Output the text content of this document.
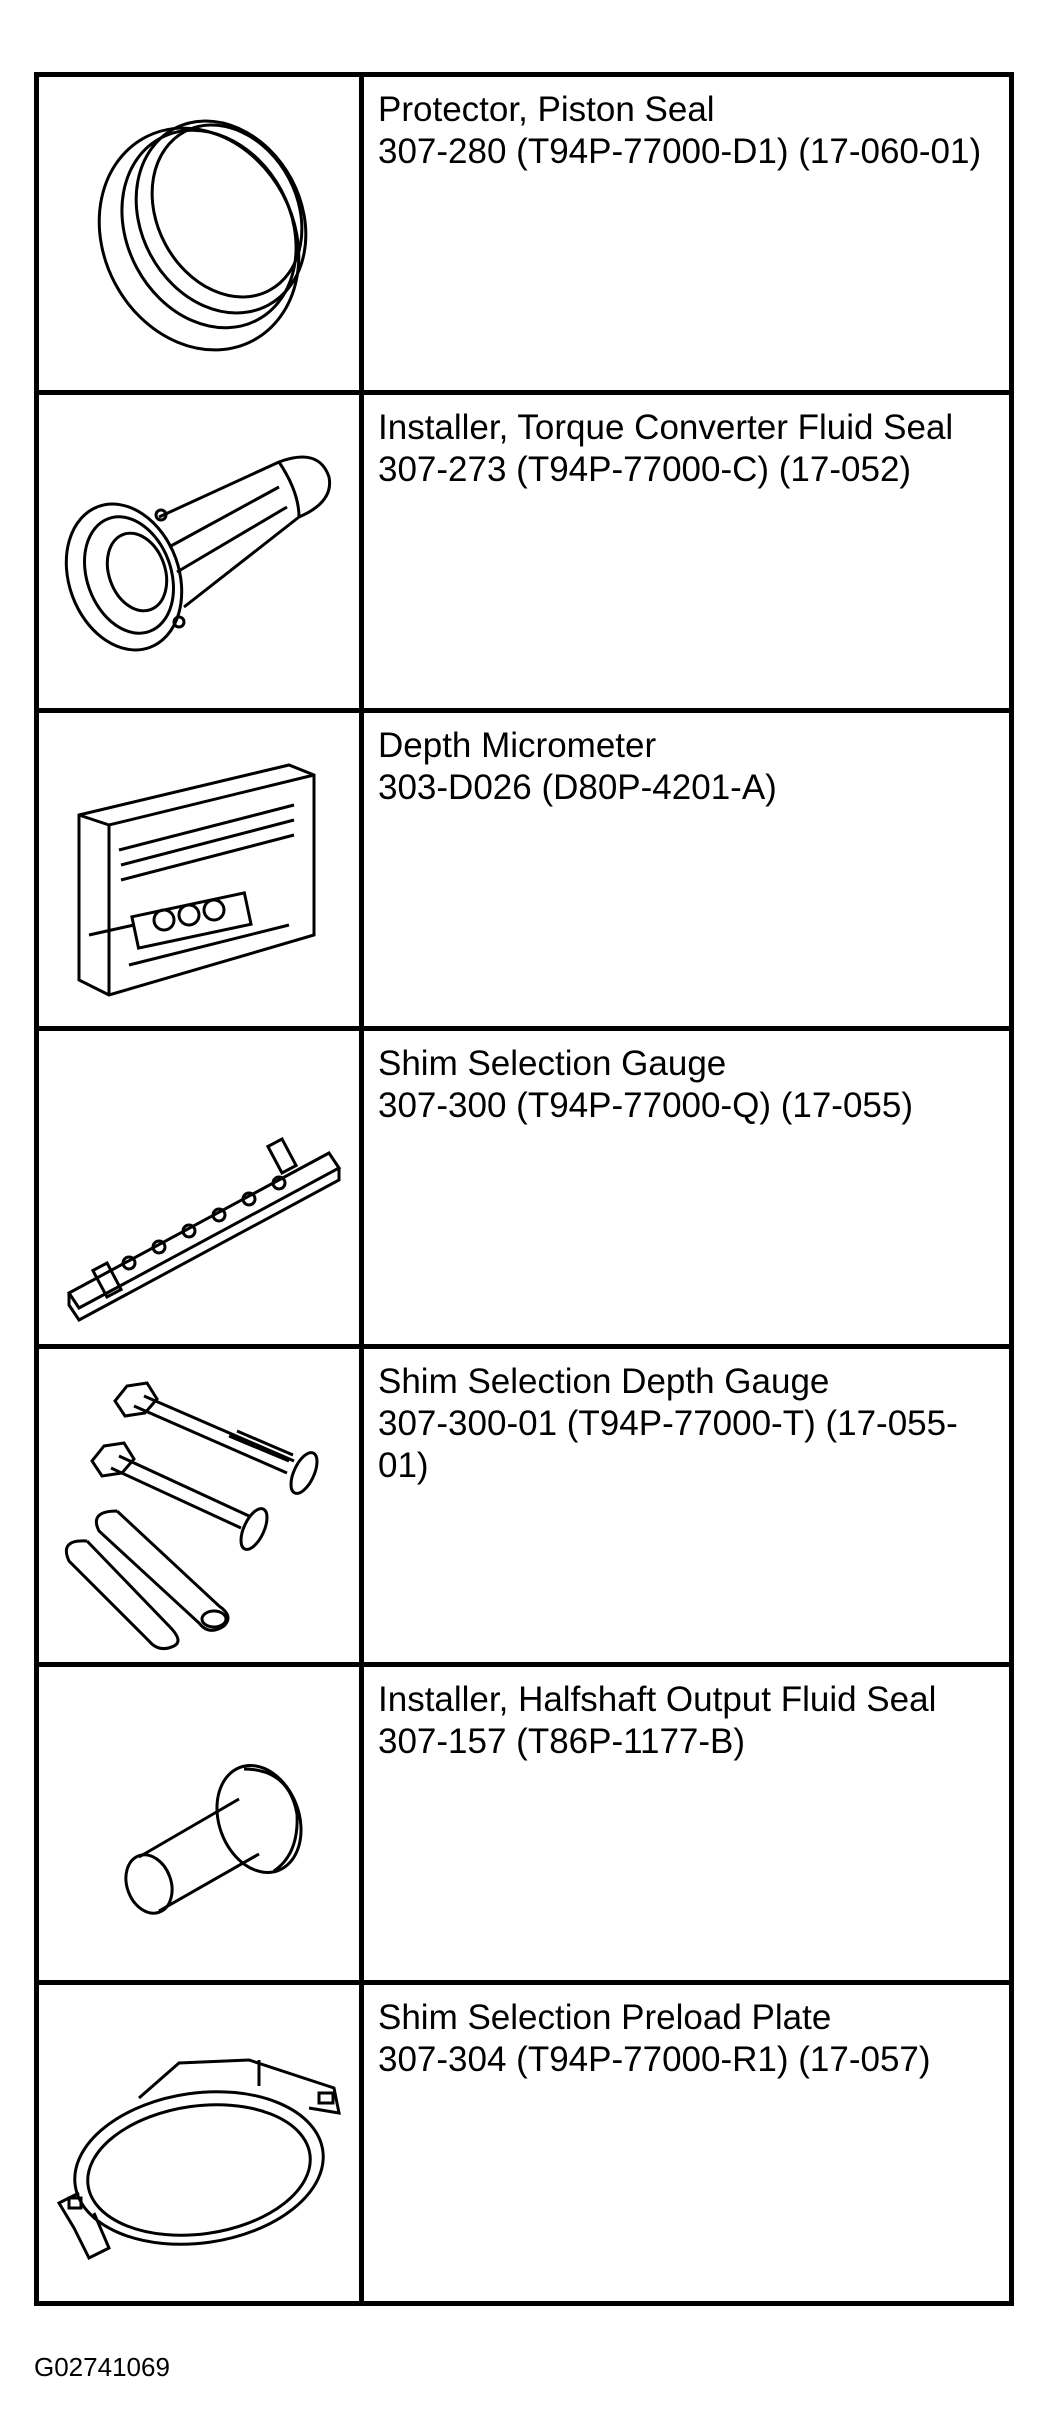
Protector, Piston Seal
307-280 (T94P-77000-D1) (17-060-01)
Installer, Torque Converter Fluid Seal
307-273 (T94P-77000-C) (17-052)
Depth Micrometer
303-D026 (D80P-4201-A)
Shim Selection Gauge
307-300 (T94P-77000-Q) (17-055)
Shim Selection Depth Gauge
307-300-01 (T94P-77000-T) (17-055-01)
Installer, Halfshaft Output Fluid Seal
307-157 (T86P-1177-B)
Shim Selection Preload Plate
307-304 (T94P-77000-R1) (17-057)
G02741069
